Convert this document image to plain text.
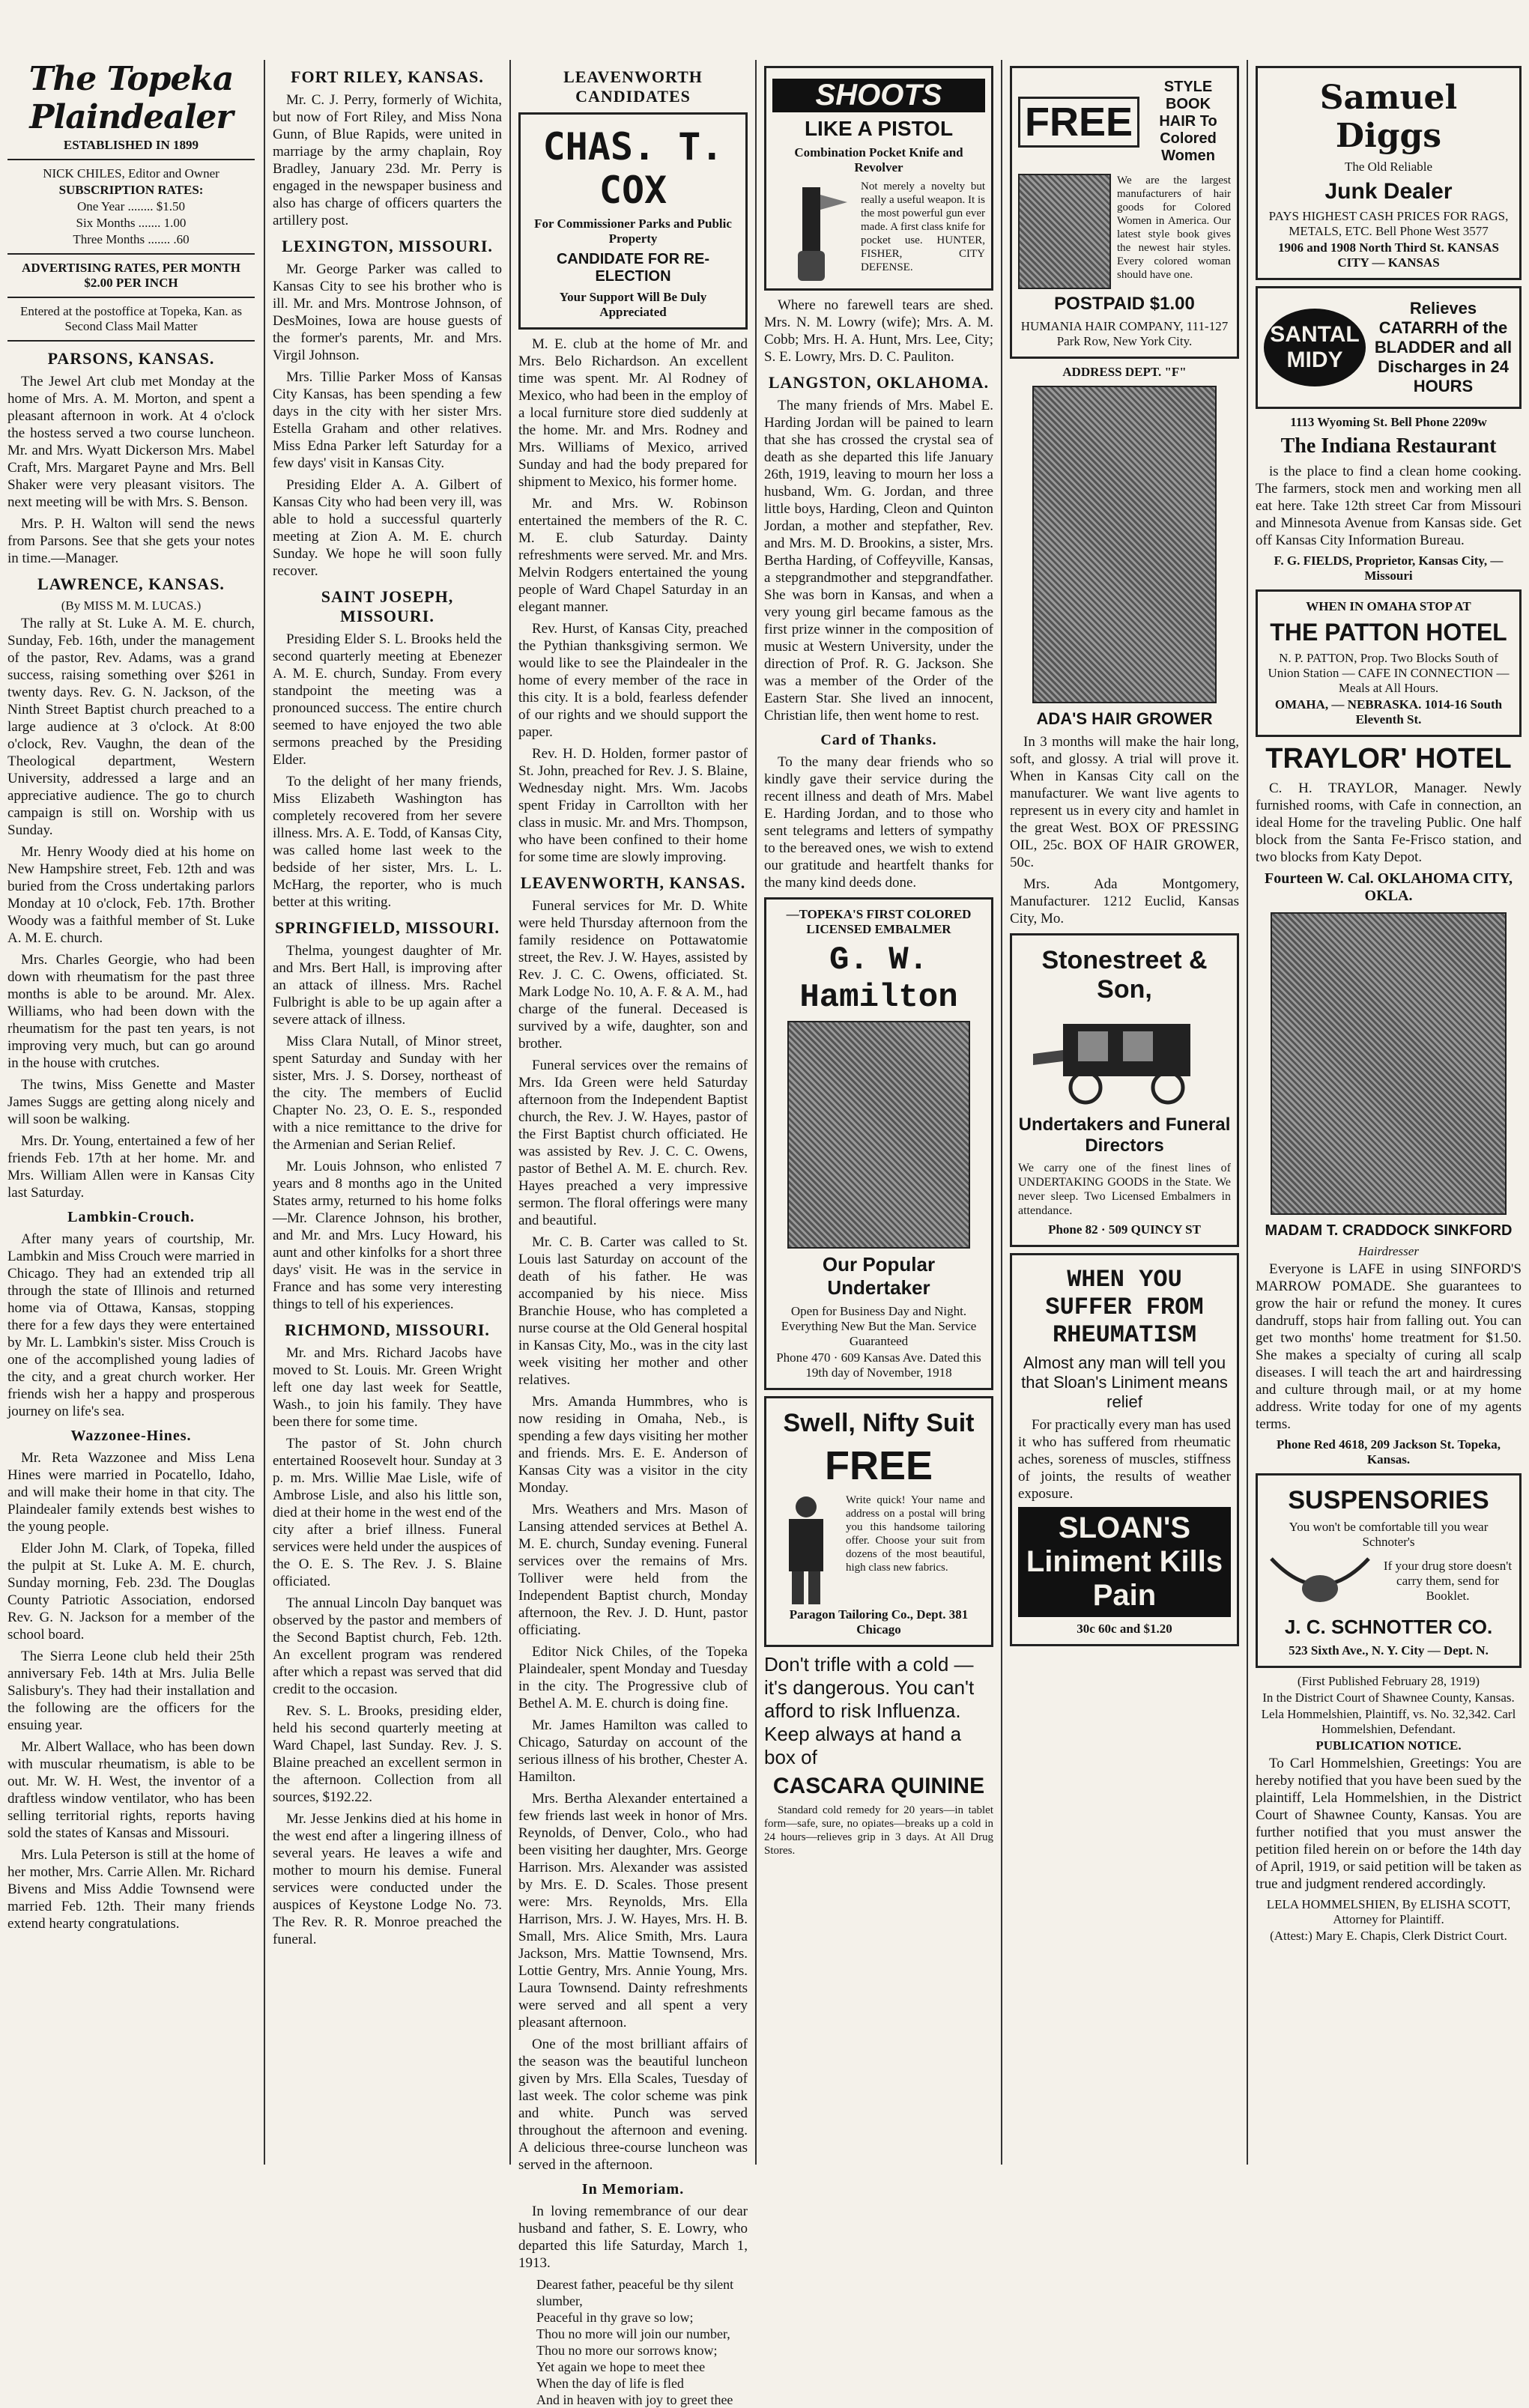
The Topeka Plaindealer
ESTABLISHED IN 1899
NICK CHILES, Editor and Owner
SUBSCRIPTION RATES:
One Year ........ $1.50
Six Months ....... 1.00
Three Months ....... .60
ADVERTISING RATES, PER MONTH $2.00 PER INCH
Entered at the postoffice at Topeka, Kan. as Second Class Mail Matter
PARSONS, KANSAS.

The Jewel Art club met Monday at the home of Mrs. A. M. Morton, and spent a pleasant afternoon in work. At 4 o'clock the hostess served a two course luncheon. Mr. and Mrs. Wyatt Dickerson Mrs. Mabel Craft, Mrs. Margaret Payne and Mrs. Bell Shaker were very pleasant visitors. The next meeting will be with Mrs. S. Benson.

Mrs. P. H. Walton will send the news from Parsons. See that she gets your notes in time.—Manager.

LAWRENCE, KANSAS.
(By MISS M. M. LUCAS.)

The rally at St. Luke A. M. E. church, Sunday, Feb. 16th, under the management of the pastor, Rev. Adams, was a grand success, raising something over $261 in twenty days. Rev. G. N. Jackson, of the Ninth Street Baptist church preached to a large audience at 3 o'clock. At 8:00 o'clock, Rev. Vaughn, the dean of the Theological department, Western University, addressed a large and an appreciative audience. The go to church campaign is still on. Worship with us Sunday.

Mr. Henry Woody died at his home on New Hampshire street, Feb. 12th and was buried from the Cross undertaking parlors Monday at 10 o'clock, Feb. 17th. Brother Woody was a faithful member of St. Luke A. M. E. church.

Mrs. Charles Georgie, who had been down with rheumatism for the past three months is able to be around. Mr. Alex. Williams, who had been down with the rheumatism for the past ten years, is not improving very much, but can go around in the house with crutches.

The twins, Miss Genette and Master James Suggs are getting along nicely and will soon be walking.

Mrs. Dr. Young, entertained a few of her friends Feb. 17th at her home. Mr. and Mrs. William Allen were in Kansas City last Saturday.

Lambkin-Crouch.

After many years of courtship, Mr. Lambkin and Miss Crouch were married in Chicago. They had an extended trip all through the state of Illinois and returned home via of Ottawa, Kansas, stopping there for a few days they were entertained by Mr. L. Lambkin's sister. Miss Crouch is one of the accomplished young ladies of the city, and a great church worker. Her friends wish her a happy and prosperous journey on life's sea.

Wazzonee-Hines.

Mr. Reta Wazzonee and Miss Lena Hines were married in Pocatello, Idaho, and will make their home in that city. The Plaindealer family extends best wishes to the young people.

Elder John M. Clark, of Topeka, filled the pulpit at St. Luke A. M. E. church, Sunday morning, Feb. 23d. The Douglas County Patriotic Association, endorsed Rev. G. N. Jackson for a member of the school board.

The Sierra Leone club held their 25th anniversary Feb. 14th at Mrs. Julia Belle Salisbury's. They had their installation and the following are the officers for the ensuing year.

Mr. Albert Wallace, who has been down with muscular rheumatism, is able to be out. Mr. W. H. West, the inventor of a draftless window ventilator, who has been selling territorial rights, reports having sold the states of Kansas and Missouri.

Mrs. Lula Peterson is still at the home of her mother, Mrs. Carrie Allen. Mr. Richard Bivens and Miss Addie Townsend were married Feb. 12th. Their many friends extend hearty congratulations.

FORT RILEY, KANSAS.

Mr. C. J. Perry, formerly of Wichita, but now of Fort Riley, and Miss Nona Gunn, of Blue Rapids, were united in marriage by the army chaplain, Roy Bradley, January 23d. Mr. Perry is engaged in the newspaper business and also has charge of officers quarters the artillery post.

LEXINGTON, MISSOURI.

Mr. George Parker was called to Kansas City to see his brother who is ill. Mr. and Mrs. Montrose Johnson, of DesMoines, Iowa are house guests of the former's parents, Mr. and Mrs. Virgil Johnson.

Mrs. Tillie Parker Moss of Kansas City Kansas, has been spending a few days in the city with her sister Mrs. Estella Graham and other relatives. Miss Edna Parker left Saturday for a few days' visit in Kansas City.

Presiding Elder A. A. Gilbert of Kansas City who had been very ill, was able to hold a successful quarterly meeting at Zion A. M. E. church Sunday. We hope he will soon fully recover.

SAINT JOSEPH, MISSOURI.

Presiding Elder S. L. Brooks held the second quarterly meeting at Ebenezer A. M. E. church, Sunday. From every standpoint the meeting was a pronounced success. The entire church seemed to have enjoyed the two able sermons preached by the Presiding Elder.

To the delight of her many friends, Miss Elizabeth Washington has completely recovered from her severe illness. Mrs. A. E. Todd, of Kansas City, was called home last week to the bedside of her sister, Mrs. L. L. McHarg, the reporter, who is much better at this writing.

SPRINGFIELD, MISSOURI.

Thelma, youngest daughter of Mr. and Mrs. Bert Hall, is improving after an attack of illness. Mrs. Rachel Fulbright is able to be up again after a severe attack of illness.

Miss Clara Nutall, of Minor street, spent Saturday and Sunday with her sister, Mrs. J. S. Dorsey, northeast of the city. The members of Euclid Chapter No. 23, O. E. S., responded with a nice remittance to the drive for the Armenian and Serian Relief.

Mr. Louis Johnson, who enlisted 7 years and 8 months ago in the United States army, returned to his home folks—Mr. Clarence Johnson, his brother, and Mr. and Mrs. Lucy Howard, his aunt and other kinfolks for a short three days' visit. He was in the service in France and has some very interesting things to tell of his experiences.

RICHMOND, MISSOURI.

Mr. and Mrs. Richard Jacobs have moved to St. Louis. Mr. Green Wright left one day last week for Seattle, Wash., to join his family. They have been there for some time.

The pastor of St. John church entertained Roosevelt hour. Sunday at 3 p. m. Mrs. Willie Mae Lisle, wife of Ambrose Lisle, and also his little son, died at their home in the west end of the city after a brief illness. Funeral services were held under the auspices of the O. E. S. The Rev. J. S. Blaine officiated.

The annual Lincoln Day banquet was observed by the pastor and members of the Second Baptist church, Feb. 12th. An excellent program was rendered after which a repast was served that did credit to the occasion.

Rev. S. L. Brooks, presiding elder, held his second quarterly meeting at Ward Chapel, last Sunday. Rev. J. S. Blaine preached an excellent sermon in the afternoon. Collection from all sources, $192.22.

Mr. Jesse Jenkins died at his home in the west end after a lingering illness of several years. He leaves a wife and mother to mourn his demise. Funeral services were conducted under the auspices of Keystone Lodge No. 73. The Rev. R. R. Monroe preached the funeral.

LEAVENWORTH CANDIDATES
CHAS. T. COX
For Commissioner Parks and Public Property
CANDIDATE FOR RE-ELECTION
Your Support Will Be Duly Appreciated

M. E. club at the home of Mr. and Mrs. Belo Richardson. An excellent time was spent. Mr. Al Rodney of Mexico, who had been in the employ of a local furniture store died suddenly at the home. Mr. and Mrs. Rodney and Mrs. Williams of Mexico, arrived Sunday and had the body prepared for shipment to Mexico, his former home.

Mr. and Mrs. W. Robinson entertained the members of the R. C. M. E. club Saturday. Dainty refreshments were served. Mr. and Mrs. Melvin Rodgers entertained the young people of Ward Chapel Saturday in an elegant manner.

Rev. Hurst, of Kansas City, preached the Pythian thanksgiving sermon. We would like to see the Plaindealer in the home of every member of the race in this city. It is a bold, fearless defender of our rights and we should support the paper.

Rev. H. D. Holden, former pastor of St. John, preached for Rev. J. S. Blaine, Wednesday night. Mrs. Wm. Jacobs spent Friday in Carrollton with her class in music. Mr. and Mrs. Thompson, who have been confined to their home for some time are slowly improving.

LEAVENWORTH, KANSAS.

Funeral services for Mr. D. White were held Thursday afternoon from the family residence on Pottawatomie street, the Rev. J. W. Hayes, assisted by Rev. J. C. C. Owens, officiated. St. Mark Lodge No. 10, A. F. & A. M., had charge of the funeral. Deceased is survived by a wife, daughter, son and brother.

Funeral services over the remains of Mrs. Ida Green were held Saturday afternoon from the Independent Baptist church, the Rev. J. W. Hayes, pastor of the First Baptist church officiated. He was assisted by Rev. J. C. C. Owens, pastor of Bethel A. M. E. church. Rev. Hayes preached a very impressive sermon. The floral offerings were many and beautiful.

Mr. C. B. Carter was called to St. Louis last Saturday on account of the death of his father. He was accompanied by his niece. Miss Branchie House, who has completed a nurse course at the Old General hospital in Kansas City, Mo., was in the city last week visiting her mother and other relatives.

Mrs. Amanda Hummbres, who is now residing in Omaha, Neb., is spending a few days visiting her mother and friends. Mrs. E. E. Anderson of Kansas City was a visitor in the city Monday.

Mrs. Weathers and Mrs. Mason of Lansing attended services at Bethel A. M. E. church, Sunday evening. Funeral services over the remains of Mrs. Tolliver were held from the Independent Baptist church, Monday afternoon, the Rev. J. D. Hunt, pastor officiating.

Editor Nick Chiles, of the Topeka Plaindealer, spent Monday and Tuesday in the city. The Progressive club of Bethel A. M. E. church is doing fine.

Mr. James Hamilton was called to Chicago, Saturday on account of the serious illness of his brother, Chester A. Hamilton.

Mrs. Bertha Alexander entertained a few friends last week in honor of Mrs. Reynolds, of Denver, Colo., who had been visiting her daughter, Mrs. George Harrison. Mrs. Alexander was assisted by Mrs. E. D. Scales. Those present were: Mrs. Reynolds, Mrs. Ella Harrison, Mrs. J. W. Hayes, Mrs. H. B. Small, Mrs. Alice Smith, Mrs. Laura Jackson, Mrs. Mattie Townsend, Mrs. Lottie Gentry, Mrs. Annie Young, Mrs. Laura Townsend. Dainty refreshments were served and all spent a very pleasant afternoon.

One of the most brilliant affairs of the season was the beautiful luncheon given by Mrs. Ella Scales, Tuesday of last week. The color scheme was pink and white. Punch was served throughout the afternoon and evening. A delicious three-course luncheon was served in the afternoon.

In Memoriam.

In loving remembrance of our dear husband and father, S. E. Lowry, who departed this life Saturday, March 1, 1913.

Dearest father, peaceful be thy silent slumber,
Peaceful in thy grave so low;
Thou no more will join our number,
Thou no more our sorrows know;
Yet again we hope to meet thee
When the day of life is fled
And in heaven with joy to greet thee
SHOOTS
LIKE A PISTOL
Combination Pocket Knife and Revolver

Not merely a novelty but really a useful weapon. It is the most powerful gun ever made. A first class knife for pocket use. HUNTER, FISHER, CITY DEFENSE.

Where no farewell tears are shed. Mrs. N. M. Lowry (wife); Mrs. A. M. Cobb; Mrs. H. A. Hunt, Mrs. Lee, City; S. E. Lowry, Mrs. D. C. Pauliton.

LANGSTON, OKLAHOMA.

The many friends of Mrs. Mabel E. Harding Jordan will be pained to learn that she has crossed the crystal sea of death as she departed this life January 26th, 1919, leaving to mourn her loss a husband, Wm. G. Jordan, and three little boys, Harding, Cleon and Quinton Jordan, a mother and stepfather, Rev. and Mrs. M. D. Brookins, a sister, Mrs. Bertha Harding, of Coffeyville, Kansas, a stepgrandmother and stepgrandfather. She was born in Kansas, and when a very young girl became famous as the first prize winner in the composition of music at Western University, under the direction of Prof. R. G. Jackson. She was a member of the Order of the Eastern Star. She lived an innocent, Christian life, then went home to rest.

Card of Thanks.

To the many dear friends who so kindly gave their service during the recent illness and death of Mrs. Mabel E. Harding Jordan, and to those who sent telegrams and letters of sympathy to the bereaved ones, we wish to extend our gratitude and heartfelt thanks for the many kind deeds done.

—TOPEKA'S FIRST COLORED LICENSED EMBALMER
G. W. Hamilton
Our Popular Undertaker
Open for Business Day and Night. Everything New But the Man. Service Guaranteed
Phone 470 · 609 Kansas Ave. Dated this 19th day of November, 1918
Swell, Nifty Suit
FREE

Write quick! Your name and address on a postal will bring you this handsome tailoring offer. Choose your suit from dozens of the most beautiful, high class new fabrics.

Paragon Tailoring Co., Dept. 381 Chicago
Don't trifle with a cold —it's dangerous. You can't afford to risk Influenza. Keep always at hand a box of
CASCARA QUININE

Standard cold remedy for 20 years—in tablet form—safe, sure, no opiates—breaks up a cold in 24 hours—relieves grip in 3 days. At All Drug Stores.

FREE
STYLE BOOK HAIR To Colored Women

We are the largest manufacturers of hair goods for Colored Women in America. Our latest style book gives the newest hair styles. Every colored woman should have one.

POSTPAID $1.00
HUMANIA HAIR COMPANY, 111-127 Park Row, New York City.
ADDRESS DEPT. "F"
ADA'S HAIR GROWER

In 3 months will make the hair long, soft, and glossy. A trial will prove it. When in Kansas City call on the manufacturer. We want live agents to represent us in every city and hamlet in the great West. BOX OF PRESSING OIL, 25c. BOX OF HAIR GROWER, 50c.

Mrs. Ada Montgomery, Manufacturer. 1212 Euclid, Kansas City, Mo.

Stonestreet & Son,
Undertakers and Funeral Directors

We carry one of the finest lines of UNDERTAKING GOODS in the State. We never sleep. Two Licensed Embalmers in attendance.

Phone 82 · 509 QUINCY ST
WHEN YOU SUFFER FROM RHEUMATISM
Almost any man will tell you that Sloan's Liniment means relief

For practically every man has used it who has suffered from rheumatic aches, soreness of muscles, stiffness of joints, the results of weather exposure.

SLOAN'S Liniment Kills Pain
30c 60c and $1.20
Samuel Diggs
The Old Reliable
Junk Dealer
PAYS HIGHEST CASH PRICES FOR RAGS, METALS, ETC. Bell Phone West 3577
1906 and 1908 North Third St. KANSAS CITY — KANSAS
SANTAL MIDY
Relieves CATARRH of the BLADDER and all Discharges in 24 HOURS
1113 Wyoming St. Bell Phone 2209w
The Indiana Restaurant

is the place to find a clean home cooking. The farmers, stock men and working men all eat here. Take 12th street Car from Missouri and Minnesota Avenue from Kansas side. Get off Kansas City Information Bureau.

F. G. FIELDS, Proprietor, Kansas City, — Missouri
WHEN IN OMAHA STOP AT
THE PATTON HOTEL
N. P. PATTON, Prop. Two Blocks South of Union Station — CAFE IN CONNECTION — Meals at All Hours.
OMAHA, — NEBRASKA. 1014-16 South Eleventh St.
TRAYLOR' HOTEL

C. H. TRAYLOR, Manager. Newly furnished rooms, with Cafe in connection, an ideal Home for the traveling Public. One half block from the Santa Fe-Frisco station, and two blocks from Katy Depot.

Fourteen W. Cal. OKLAHOMA CITY, OKLA.
MADAM T. CRADDOCK SINKFORD
Hairdresser

Everyone is LAFE in using SINFORD'S MARROW POMADE. She guarantees to grow the hair or refund the money. It cures dandruff, stops hair from falling out. You can get two months' home treatment for $1.50. She makes a specialty of curing all scalp diseases. I will teach the art and hairdressing and culture through mail, or at my home address. Write today for one of my agents terms.

Phone Red 4618, 209 Jackson St. Topeka, Kansas.
SUSPENSORIES
You won't be comfortable till you wear Schnoter's
If your drug store doesn't carry them, send for Booklet.
J. C. SCHNOTTER CO.
523 Sixth Ave., N. Y. City — Dept. N.
(First Published February 28, 1919)
In the District Court of Shawnee County, Kansas.
Lela Hommelshien, Plaintiff, vs. No. 32,342. Carl Hommelshien, Defendant.
PUBLICATION NOTICE.

To Carl Hommelshien, Greetings: You are hereby notified that you have been sued by the plaintiff, Lela Hommelshien, in the District Court of Shawnee County, Kansas. You are further notified that you must answer the petition filed herein on or before the 14th day of April, 1919, or said petition will be taken as true and judgment rendered accordingly.

LELA HOMMELSHIEN, By ELISHA SCOTT, Attorney for Plaintiff.
(Attest:) Mary E. Chapis, Clerk District Court.
